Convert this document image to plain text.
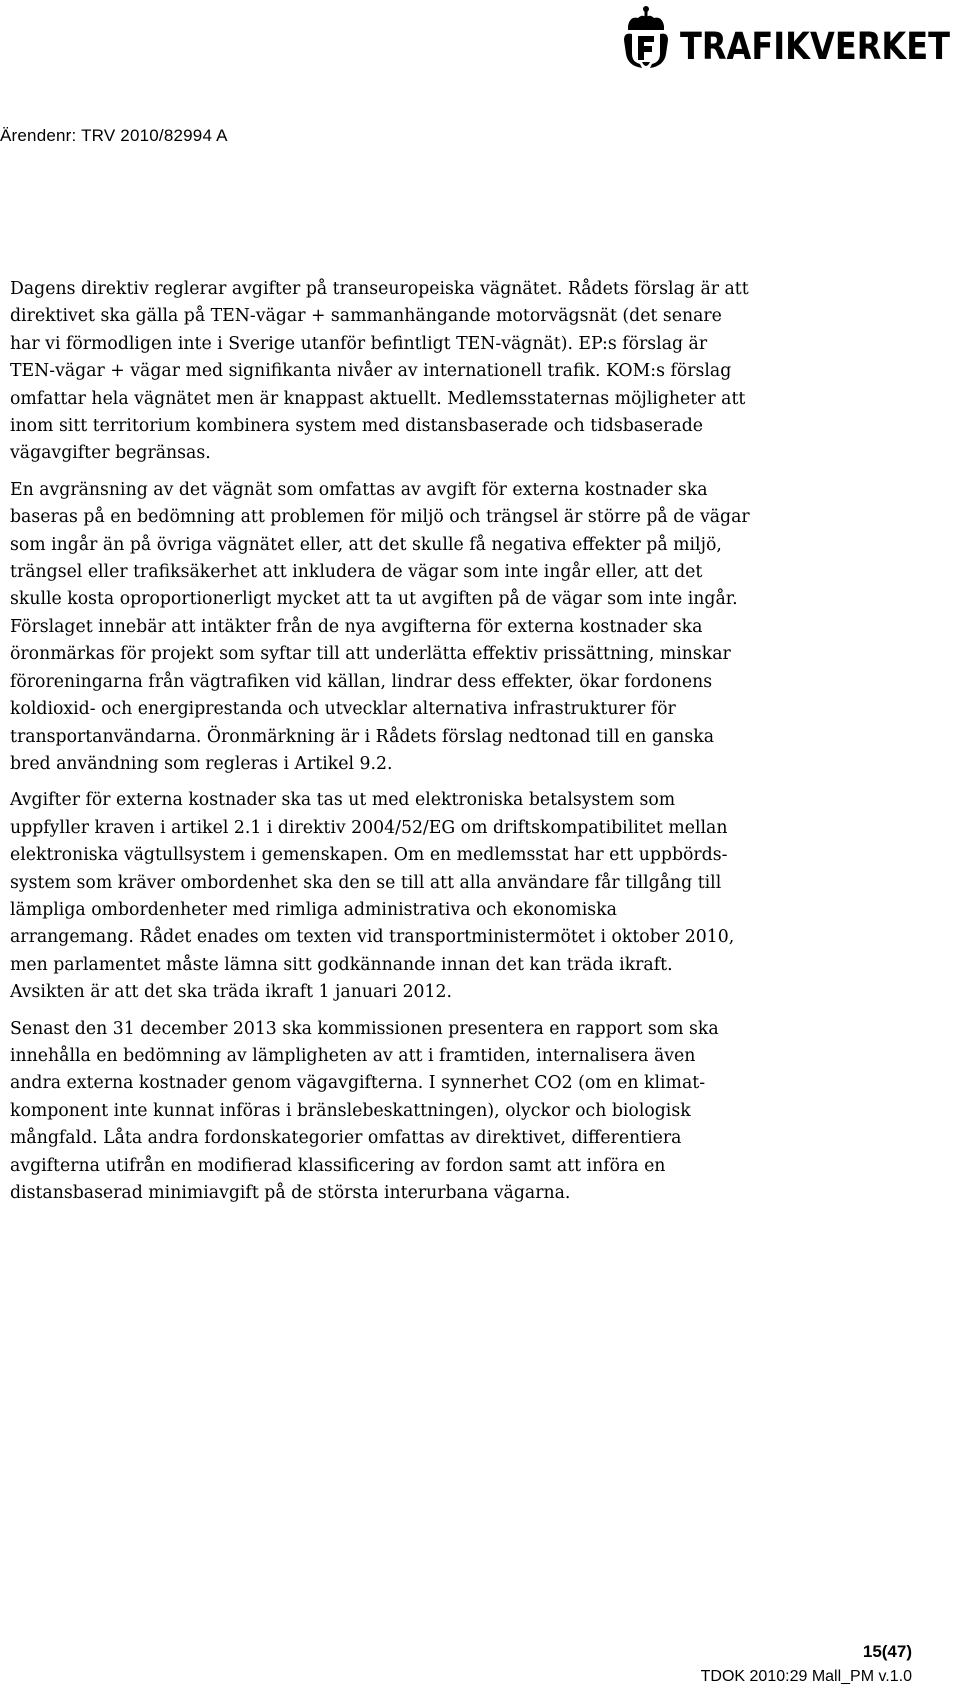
TRAFIKVERKET
Ärendenr: TRV 2010/82994 A

Dagens direktiv reglerar avgifter på transeuropeiska vägnätet. Rådets förslag är att
direktivet ska gälla på TEN-vägar + sammanhängande motorvägsnät (det senare
har vi förmodligen inte i Sverige utanför befintligt TEN-vägnät). EP:s förslag är
TEN-vägar + vägar med signifikanta nivåer av internationell trafik. KOM:s förslag
omfattar hela vägnätet men är knappast aktuellt. Medlemsstaternas möjligheter att
inom sitt territorium kombinera system med distansbaserade och tidsbaserade
vägavgifter begränsas.

En avgränsning av det vägnät som omfattas av avgift för externa kostnader ska
baseras på en bedömning att problemen för miljö och trängsel är större på de vägar
som ingår än på övriga vägnätet eller, att det skulle få negativa effekter på miljö,
trängsel eller trafiksäkerhet att inkludera de vägar som inte ingår eller, att det
skulle kosta oproportionerligt mycket att ta ut avgiften på de vägar som inte ingår.
Förslaget innebär att intäkter från de nya avgifterna för externa kostnader ska
öronmärkas för projekt som syftar till att underlätta effektiv prissättning, minskar
föroreningarna från vägtrafiken vid källan, lindrar dess effekter, ökar fordonens
koldioxid- och energiprestanda och utvecklar alternativa infrastrukturer för
transportanvändarna. Öronmärkning är i Rådets förslag nedtonad till en ganska
bred användning som regleras i Artikel 9.2.

Avgifter för externa kostnader ska tas ut med elektroniska betalsystem som
uppfyller kraven i artikel 2.1 i direktiv 2004/52/EG om driftskompatibilitet mellan
elektroniska vägtullsystem i gemenskapen. Om en medlemsstat har ett uppbörds-
system som kräver ombordenhet ska den se till att alla användare får tillgång till
lämpliga ombordenheter med rimliga administrativa och ekonomiska
arrangemang. Rådet enades om texten vid transportministermötet i oktober 2010,
men parlamentet måste lämna sitt godkännande innan det kan träda ikraft.
Avsikten är att det ska träda ikraft 1 januari 2012.

Senast den 31 december 2013 ska kommissionen presentera en rapport som ska
innehålla en bedömning av lämpligheten av att i framtiden, internalisera även
andra externa kostnader genom vägavgifterna. I synnerhet CO2 (om en klimat-
komponent inte kunnat införas i bränslebeskattningen), olyckor och biologisk
mångfald. Låta andra fordonskategorier omfattas av direktivet, differentiera
avgifterna utifrån en modifierad klassificering av fordon samt att införa en
distansbaserad minimiavgift på de största interurbana vägarna.

15(47)
TDOK 2010:29 Mall_PM v.1.0
